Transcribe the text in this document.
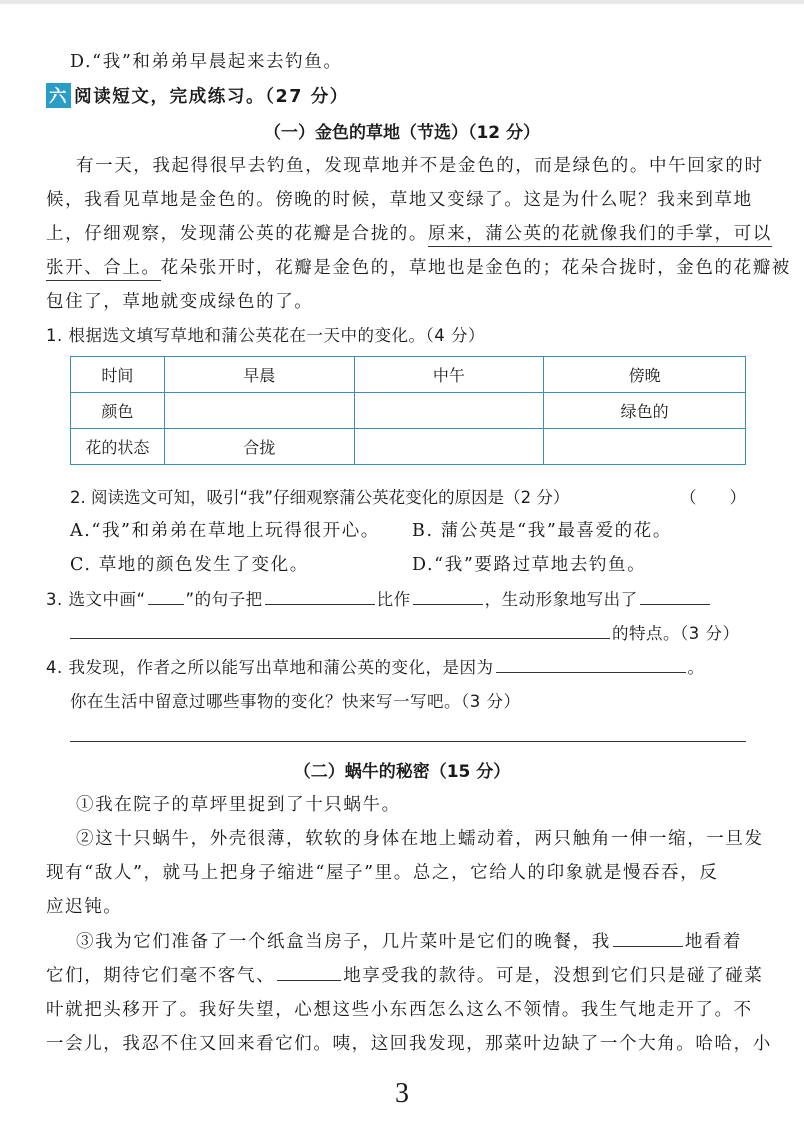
D.“我”和弟弟早晨起来去钓鱼。
六 阅读短文，完成练习。（27 分）
（一）金色的草地（节选）（12 分）
有一天，我起得很早去钓鱼，发现草地并不是金色的，而是绿色的。中午回家的时
候，我看见草地是金色的。傍晚的时候，草地又变绿了。这是为什么呢？我来到草地
上，仔细观察，发现蒲公英的花瓣是合拢的。原来，蒲公英的花就像我们的手掌，可以
张开、合上。花朵张开时，花瓣是金色的，草地也是金色的；花朵合拢时，金色的花瓣被
包住了，草地就变成绿色的了。
1. 根据选文填写草地和蒲公英花在一天中的变化。（4 分）
时间	早晨	中午	傍晚
颜色			绿色的
花的状态	合拢		
2. 阅读选文可知，吸引“我”仔细观察蒲公英花变化的原因是（2 分）	（　　）
A.“我”和弟弟在草地上玩得很开心。 B. 蒲公英是“我”最喜爱的花。
C. 草地的颜色发生了变化。	D.“我”要路过草地去钓鱼。
3. 选文中画“ ”的句子把	比作	，生动形象地写出了
的特点。（3 分）
4. 我发现，作者之所以能写出草地和蒲公英的变化，是因为	。
你在生活中留意过哪些事物的变化？快来写一写吧。（3 分）
（二）蜗牛的秘密（15 分）
①我在院子的草坪里捉到了十只蜗牛。
②这十只蜗牛，外壳很薄，软软的身体在地上蠕动着，两只触角一伸一缩，一旦发
现有“敌人”，就马上把身子缩进“屋子”里。总之，它给人的印象就是慢吞吞，反
应迟钝。
③我为它们准备了一个纸盒当房子，几片菜叶是它们的晚餐，我	地看着
它们，期待它们毫不客气、	地享受我的款待。可是，没想到它们只是碰了碰菜
叶就把头移开了。我好失望，心想这些小东西怎么这么不领情。我生气地走开了。不
一会儿，我忍不住又回来看它们。咦，这回我发现，那菜叶边缺了一个大角。哈哈，小
3
